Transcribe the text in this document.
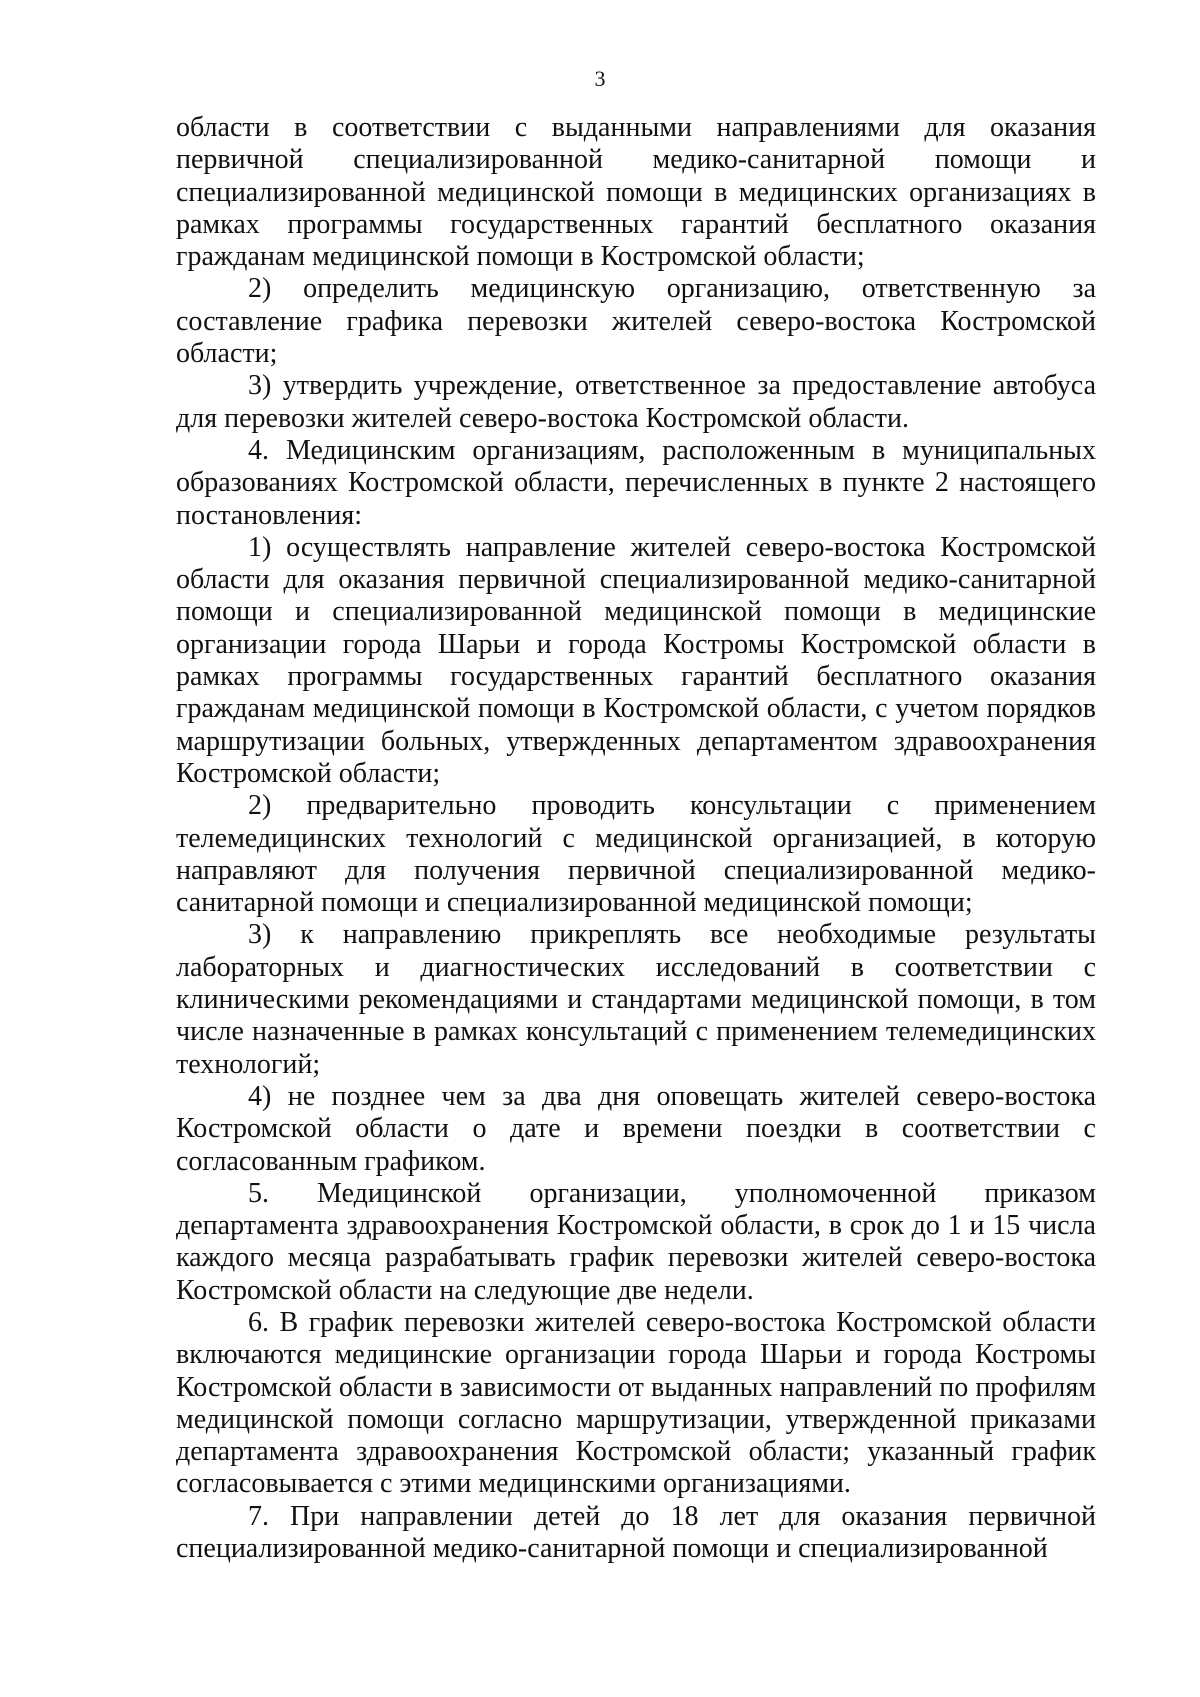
3

области в соответствии с выданными направлениями для оказания первичной специализированной медико-санитарной помощи и специализированной медицинской помощи в медицинских организациях в рамках программы государственных гарантий бесплатного оказания гражданам медицинской помощи в Костромской области;

2) определить медицинскую организацию, ответственную за составление графика перевозки жителей северо-востока Костромской области;

3) утвердить учреждение, ответственное за предоставление автобуса для перевозки жителей северо-востока Костромской области.

4. Медицинским организациям, расположенным в муниципальных образованиях Костромской области, перечисленных в пункте 2 настоящего постановления:

1) осуществлять направление жителей северо-востока Костромской области для оказания первичной специализированной медико-санитарной помощи и специализированной медицинской помощи в медицинские организации города Шарьи и города Костромы Костромской области в рамках программы государственных гарантий бесплатного оказания гражданам медицинской помощи в Костромской области, с учетом порядков маршрутизации больных, утвержденных департаментом здравоохранения Костромской области;

2) предварительно проводить консультации с применением телемедицинских технологий с медицинской организацией, в которую направляют для получения первичной специализированной медико-санитарной помощи и специализированной медицинской помощи;

3) к направлению прикреплять все необходимые результаты лабораторных и диагностических исследований в соответствии с клиническими рекомендациями и стандартами медицинской помощи, в том числе назначенные в рамках консультаций с применением телемедицинских технологий;

4) не позднее чем за два дня оповещать жителей северо-востока Костромской области о дате и времени поездки в соответствии с согласованным графиком.

5. Медицинской организации, уполномоченной приказом департамента здравоохранения Костромской области, в срок до 1 и 15 числа каждого месяца разрабатывать график перевозки жителей северо-востока Костромской области на следующие две недели.

6. В график перевозки жителей северо-востока Костромской области включаются медицинские организации города Шарьи и города Костромы Костромской области в зависимости от выданных направлений по профилям медицинской помощи согласно маршрутизации, утвержденной приказами департамента здравоохранения Костромской области; указанный график согласовывается с этими медицинскими организациями.

7. При направлении детей до 18 лет для оказания первичной специализированной медико-санитарной помощи и специализированной
